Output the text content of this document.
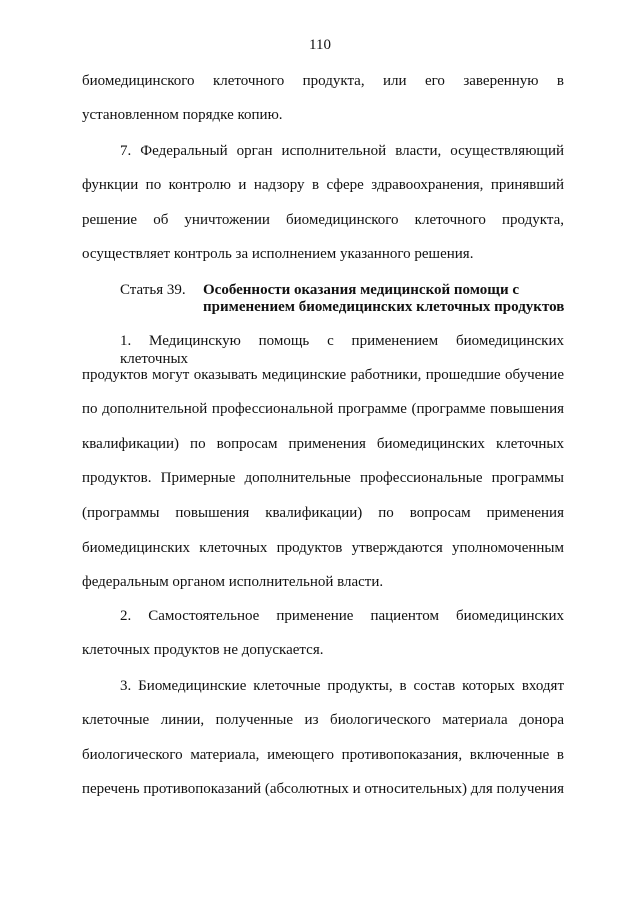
110
биомедицинского клеточного продукта, или его заверенную в
установленном порядке копию.
7. Федеральный орган исполнительной власти, осуществляющий
функции по контролю и надзору в сфере здравоохранения, принявший
решение об уничтожении биомедицинского клеточного продукта,
осуществляет контроль за исполнением указанного решения.
Статья 39. Особенности оказания медицинской помощи с
применением биомедицинских клеточных продуктов
1. Медицинскую помощь с применением биомедицинских клеточных
продуктов могут оказывать медицинские работники, прошедшие обучение
по дополнительной профессиональной программе (программе повышения
квалификации) по вопросам применения биомедицинских клеточных
продуктов. Примерные дополнительные профессиональные программы
(программы повышения квалификации) по вопросам применения
биомедицинских клеточных продуктов утверждаются уполномоченным
федеральным органом исполнительной власти.
2. Самостоятельное применение пациентом биомедицинских
клеточных продуктов не допускается.
3. Биомедицинские клеточные продукты, в состав которых входят
клеточные линии, полученные из биологического материала донора
биологического материала, имеющего противопоказания, включенные в
перечень противопоказаний (абсолютных и относительных) для получения
